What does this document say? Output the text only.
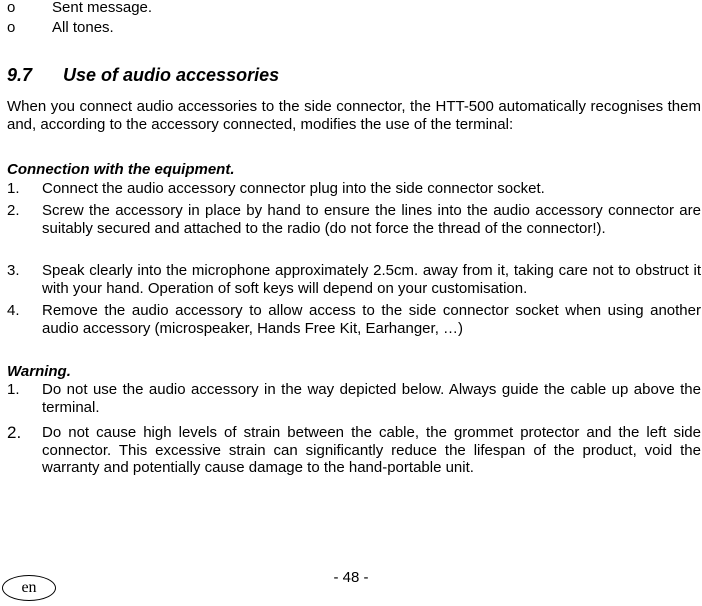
o Sent message.
o All tones.
9.7 Use of audio accessories
When you connect audio accessories to the side connector, the HTT-500 automatically recognises them and, according to the accessory connected, modifies the use of the terminal:
Connection with the equipment.
1. Connect the audio accessory connector plug into the side connector socket.
2. Screw the accessory in place by hand to ensure the lines into the audio accessory connector are suitably secured and attached to the radio (do not force the thread of the connector!).
3. Speak clearly into the microphone approximately 2.5cm. away from it, taking care not to obstruct it with your hand. Operation of soft keys will depend on your customisation.
4. Remove the audio accessory to allow access to the side connector socket when using another audio accessory (microspeaker, Hands Free Kit, Earhanger, …)
Warning.
1. Do not use the audio accessory in the way depicted below. Always guide the cable up above the terminal.
2. Do not cause high levels of strain between the cable, the grommet protector and the left side connector. This excessive strain can significantly reduce the lifespan of the product, void the warranty and potentially cause damage to the hand-portable unit.
- 48 -
en
